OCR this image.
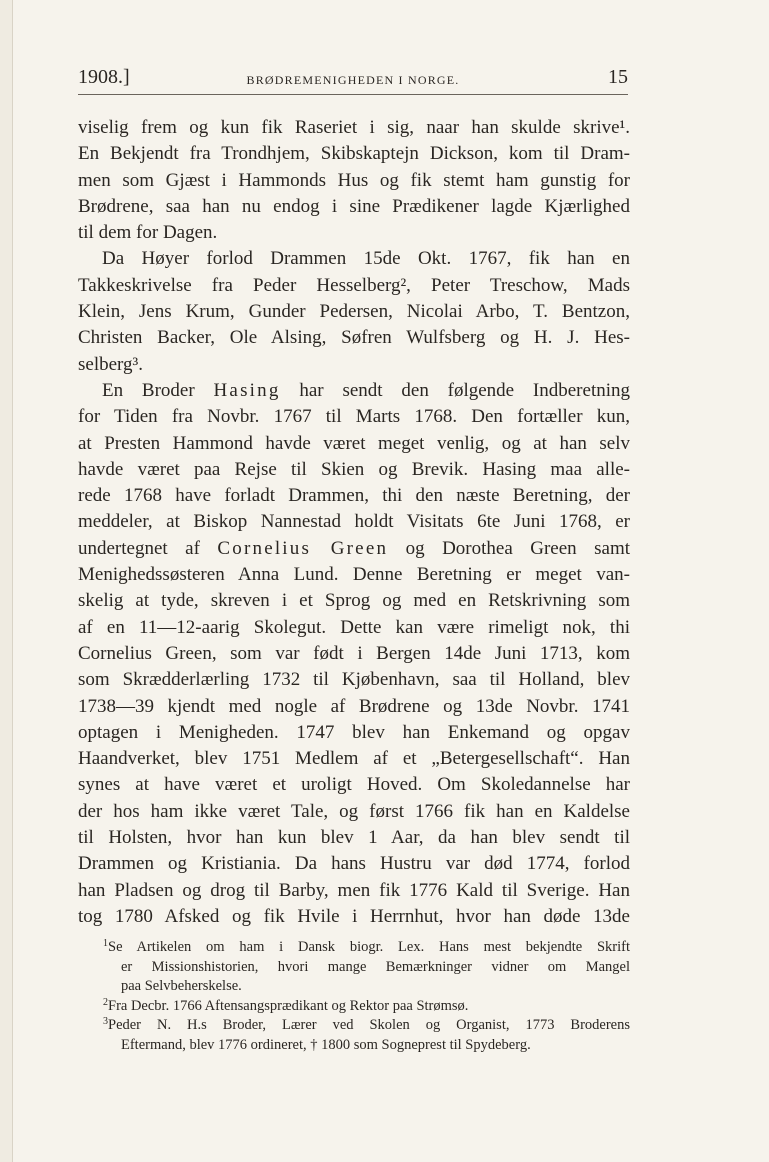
1908.]	BRØDREMENIGHEDEN I NORGE.	15
viselig frem og kun fik Raseriet i sig, naar han skulde skrive¹.
En Bekjendt fra Trondhjem, Skibskaptejn Dickson, kom til Dram-
men som Gjæst i Hammonds Hus og fik stemt ham gunstig for
Brødrene, saa han nu endog i sine Prædikener lagde Kjærlighed
til dem for Dagen.
Da Høyer forlod Drammen 15de Okt. 1767, fik han en
Takkeskrivelse fra Peder Hesselberg², Peter Treschow, Mads
Klein, Jens Krum, Gunder Pedersen, Nicolai Arbo, T. Bentzon,
Christen Backer, Ole Alsing, Søfren Wulfsberg og H. J. Hes-
selberg³.
En Broder Hasing har sendt den følgende Indberetning
for Tiden fra Novbr. 1767 til Marts 1768. Den fortæller kun,
at Presten Hammond havde været meget venlig, og at han selv
havde været paa Rejse til Skien og Brevik. Hasing maa alle-
rede 1768 have forladt Drammen, thi den næste Beretning, der
meddeler, at Biskop Nannestad holdt Visitats 6te Juni 1768, er
undertegnet af Cornelius Green og Dorothea Green samt
Menighedssøsteren Anna Lund. Denne Beretning er meget van-
skelig at tyde, skreven i et Sprog og med en Retskrivning som
af en 11—12-aarig Skolegut. Dette kan være rimeligt nok, thi
Cornelius Green, som var født i Bergen 14de Juni 1713, kom
som Skrædderlærling 1732 til Kjøbenhavn, saa til Holland, blev
1738—39 kjendt med nogle af Brødrene og 13de Novbr. 1741
optagen i Menigheden. 1747 blev han Enkemand og opgav
Haandverket, blev 1751 Medlem af et „Betergesellschaft“. Han
synes at have været et uroligt Hoved. Om Skoledannelse har
der hos ham ikke været Tale, og først 1766 fik han en Kaldelse
til Holsten, hvor han kun blev 1 Aar, da han blev sendt til
Drammen og Kristiania. Da hans Hustru var død 1774, forlod
han Pladsen og drog til Barby, men fik 1776 Kald til Sverige. Han
tog 1780 Afsked og fik Hvile i Herrnhut, hvor han døde 13de
1 Se Artikelen om ham i Dansk biogr. Lex. Hans mest bekjendte Skrift
er Missionshistorien, hvori mange Bemærkninger vidner om Mangel
paa Selvbeherskelse.
2 Fra Decbr. 1766 Aftensangsprædikant og Rektor paa Strømsø.
3 Peder N. H.s Broder, Lærer ved Skolen og Organist, 1773 Broderens
Eftermand, blev 1776 ordineret, † 1800 som Sogneprest til Spydeberg.
